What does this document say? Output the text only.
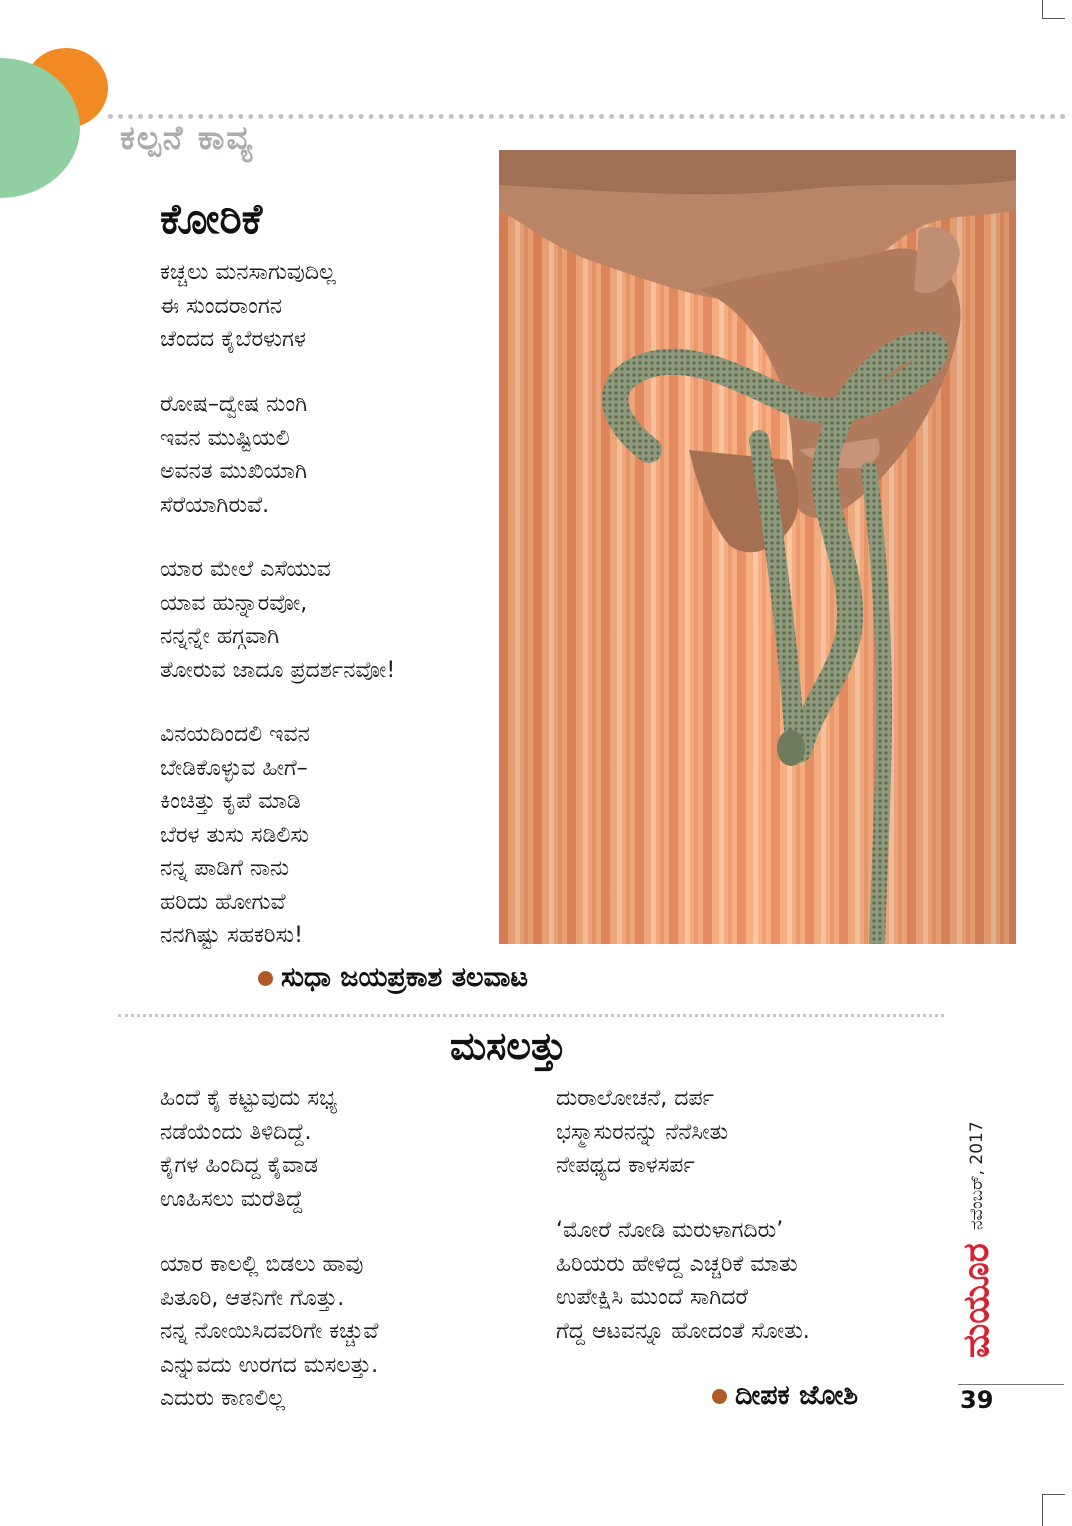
ಕಲ್ಪನೆ ಕಾವ್ಯ
ಕೋರಿಕೆ
ಕಚ್ಚಲು ಮನಸಾಗುವುದಿಲ್ಲ
ಈ ಸುಂದರಾಂಗನ
ಚೆಂದದ ಕೈಬೆರಳುಗಳ
ರೋಷ–ದ್ವೇಷ ನುಂಗಿ
ಇವನ ಮುಷ್ಟಿಯಲಿ
ಅವನತ ಮುಖಿಯಾಗಿ
ಸೆರೆಯಾಗಿರುವೆ.
ಯಾರ ಮೇಲೆ ಎಸೆಯುವ
ಯಾವ ಹುನ್ನಾರವೋ,
ನನ್ನನ್ನೇ ಹಗ್ಗವಾಗಿ
ತೋರುವ ಜಾದೂ ಪ್ರದರ್ಶನವೋ!
ವಿನಯದಿಂದಲಿ ಇವನ
ಬೇಡಿಕೊಳ್ಳುವ ಹೀಗೆ–
ಕಿಂಚಿತ್ತು ಕೃಪೆ ಮಾಡಿ
ಬೆರಳ ತುಸು ಸಡಿಲಿಸು
ನನ್ನ ಪಾಡಿಗೆ ನಾನು
ಹರಿದು ಹೋಗುವೆ
ನನಗಿಷ್ಟು ಸಹಕರಿಸು!
ಸುಧಾ ಜಯಪ್ರಕಾಶ ತಲವಾಟ
ಮಸಲತ್ತು
ಹಿಂದೆ ಕೈ ಕಟ್ಟುವುದು ಸಭ್ಯ
ನಡೆಯೆಂದು ತಿಳಿದಿದ್ದೆ.
ಕೈಗಳ ಹಿಂದಿದ್ದ ಕೈವಾಡ
ಊಹಿಸಲು ಮರೆತಿದ್ದೆ
ಯಾರ ಕಾಲಲ್ಲಿ ಬಿಡಲು ಹಾವು
ಪಿತೂರಿ, ಆತನಿಗೇ ಗೊತ್ತು.
ನನ್ನ ನೋಯಿಸಿದವರಿಗೇ ಕಚ್ಚುವೆ
ಎನ್ನುವದು ಉರಗದ ಮಸಲತ್ತು.
ಎದುರು ಕಾಣಲಿಲ್ಲ
ದುರಾಲೋಚನೆ, ದರ್ಪ
ಭಸ್ಮಾಸುರನನ್ನು ನೆನೆಸೀತು
ನೇಪಥ್ಯದ ಕಾಳಸರ್ಪ
‘ಮೋರೆ ನೋಡಿ ಮರುಳಾಗದಿರು’
ಹಿರಿಯರು ಹೇಳಿದ್ದ ಎಚ್ಚರಿಕೆ ಮಾತು
ಉಪೇಕ್ಷಿಸಿ ಮುಂದೆ ಸಾಗಿದರೆ
ಗೆದ್ದ ಆಟವನ್ನೂ ಹೋದಂತೆ ಸೋತು.
ದೀಪಕ ಜೋಶಿ
ಮಯೂರ
ನವೆಂಬರ್, 2017
39
